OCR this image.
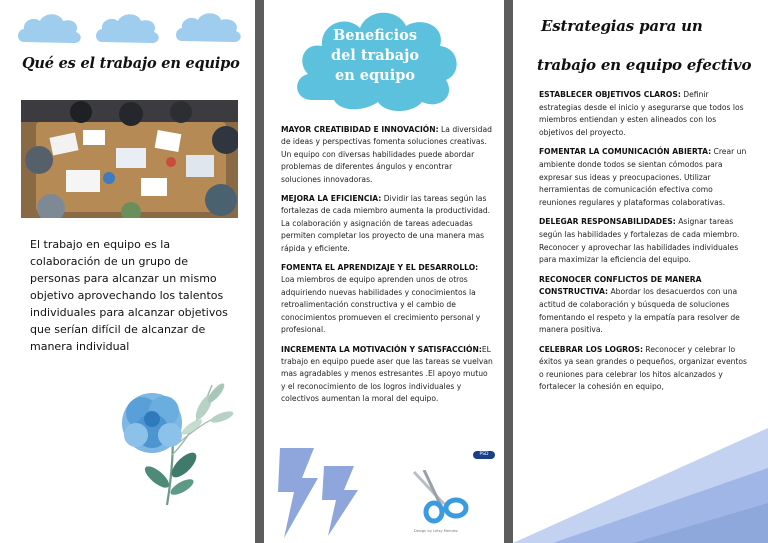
Qué es el trabajo en equipo
El trabajo en equipo es la colaboración de un grupo de personas para alcanzar un mismo objetivo aprovechando los talentos individuales para alcanzar objetivos que serían difícil de alcanzar de manera individual
Beneficios
del trabajo
en equipo

MAYOR CREATIBIDAD E INNOVACIÓN: La diversidad de ideas y perspectivas fomenta soluciones creativas. Un equipo con diversas habilidades puede abordar problemas de diferentes ángulos y encontrar soluciones innovadoras.

MEJORA LA EFICIENCIA: Dividir las tareas según las fortalezas de cada miembro aumenta la productividad. La colaboración y asignación de tareas adecuadas permiten completar los proyecto de una manera mas rápida y eficiente.

FOMENTA EL APRENDIZAJE Y EL DESARROLLO: Loa miembros de equipo aprenden unos de otros adquiriendo nuevas habilidades y conocimientos la retroalimentación constructiva y el cambio de conocimientos promueven el crecimiento personal y profesional.

INCREMENTA LA MOTIVACIÓN Y SATISFACCIÓN:EL trabajo en equipo puede aser que las tareas se vuelvan mas agradables y menos estresantes .El apoyo mutuo y el reconocimiento de los logros individuales y colectivos aumentan la moral del equipo.

PSD
Design by Letsy Mendez
Estrategias para un
trabajo en equipo efectivo

ESTABLECER OBJETIVOS CLAROS: Definir estrategias desde el inicio y asegurarse que todos los miembros entiendan y esten alineados con los objetivos del proyecto.

FOMENTAR LA COMUNICACIÓN ABIERTA: Crear un ambiente donde todos se sientan cómodos para expresar sus ideas y preocupaciones. Utilizar herramientas de comunicación efectiva como reuniones regulares y plataformas colaborativas.

DELEGAR RESPONSABILIDADES: Asignar tareas según las habilidades y fortalezas de cada miembro. Reconocer y aprovechar las habilidades individuales para maximizar la eficiencia del equipo.

RECONOCER CONFLICTOS DE MANERA CONSTRUCTIVA: Abordar los desacuerdos con una actitud de colaboración y búsqueda de soluciones fomentando el respeto y la empatía para resolver de manera positiva.

CELEBRAR LOS LOGROS: Reconocer y celebrar lo éxitos ya sean grandes o pequeños, organizar eventos o reuniones para celebrar los hitos alcanzados y fortalecer la cohesión en equipo,
